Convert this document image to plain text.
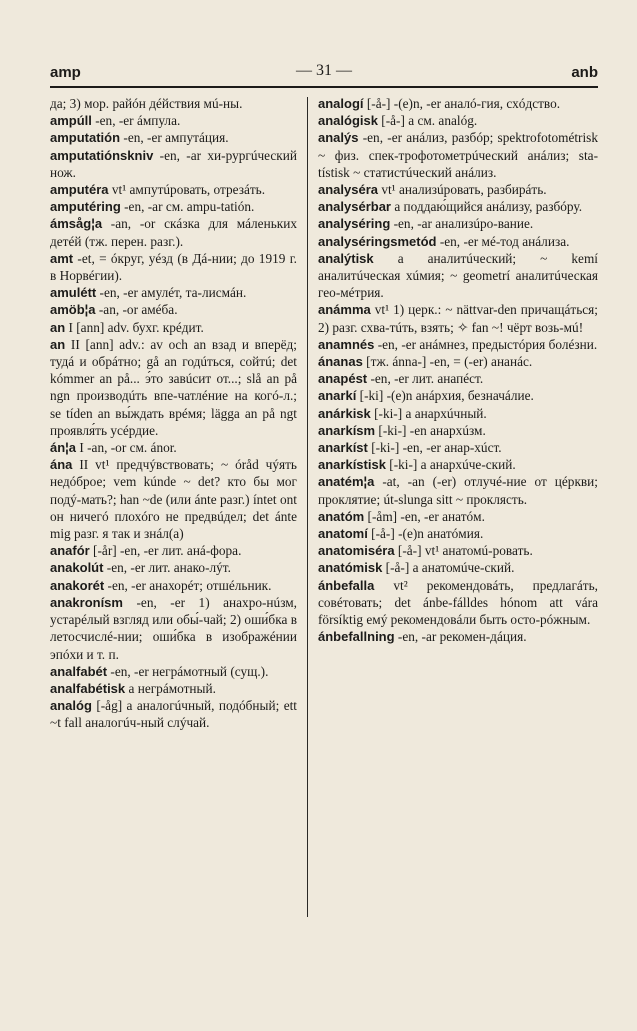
amp	— 31 —	anb

да; 3) мор. райóн дéйствия мú-ны.

ampúll -en, -er áмпула.

amputatión -en, -er ампутáция.

amputatiónskniv -en, -ar хи-рургúческий нож.

amputéra vt¹ ампутúровать, отрезáть.

amputéring -en, -ar см. ampu-tatión.

ámsåg¦a -an, -or скáзка для мáленьких детéй (тж. перен. разг.).

amt -et, = óкруг, уéзд (в Дá-нии; до 1919 г. в Норвéгии).

amulétt -en, -er амулéт, та-лисмáн.

amöb¦a -an, -or амéба.

an I [ann] adv. бухг. крéдит.

an II [ann] adv.: av och an взад и вперёд; тудá и обрáтно; gå an годúться, сойтú; det kómmer an på... э́то завúсит от...; slå an på ngn производúть впе-чатлéние на когó-л.; se tíden an вы́ждать врéмя; lägga an på ngt проявля́ть усéрдие.

án¦a I -an, -or см. ánor.

ána II vt¹ предчýвствовать; ~ óråd чýять недóброе; vem kúnde ~ det? кто бы мог подý-мать?; han ~de (или ánte разг.) íntet ont он ничегó плохóго не предвúдел; det ánte mig разг. я так и знáл(а)

anafór [-år] -en, -er лит. анá-фора.

anakolút -en, -er лит. анако-лýт.

anakorét -en, -er анахорéт; отшéльник.

anakronísm -en, -er 1) анахро-нúзм, устарéлый взгляд или обы́-чай; 2) оши́бка в летосчислé-нии; оши́бка в изображéнии эпóхи и т. п.

analfabét -en, -er негрáмотный (сущ.).

analfabétisk a негрáмотный.

analóg [-åg] a аналогúчный, подóбный; ett ~t fall аналогúч-ный слýчай.

analogí [-å-] -(e)n, -er аналó-гия, схóдство.

analógisk [-å-] a см. analóg.

analýs -en, -er анáлиз, разбóр; spektrofotométrisk ~ физ. спек-трофотометрúческий анáлиз; sta-tístisk ~ статистúческий анáлиз.

analyséra vt¹ анализúровать, разбирáть.

analysérbar a поддаю́щийся анáлизу, разбóру.

analyséring -en, -ar анализúро-вание.

analyséringsmetód -en, -er мé-тод анáлиза.

analýtisk a аналитúческий; ~ kemí аналитúческая хúмия; ~ geometrí аналитúческая гео-мéтрия.

anámma vt¹ 1) церк.: ~ nättvar-den причащáться; 2) разг. схва-тúть, взять; ✧ fan ~! чёрт возь-мú!

anamnés -en, -er анáмнез, предыстóрия болéзни.

ánanas [тж. ánna-] -en, = (-er) ананáс.

anapést -en, -er лит. анапéст.

anarkí [-ki] -(e)n анáрхия, безначáлие.

anárkisk [-ki-] a анархúчный.

anarkísm [-ki-] -en анархúзм.

anarkíst [-ki-] -en, -er анар-хúст.

anarkístisk [-ki-] a анархúче-ский.

anatém¦a -at, -an (-er) отлучé-ние от цéркви; проклятие; út-slunga sitt ~ проклясть.

anatóm [-åm] -en, -er анатóм.

anatomí [-å-] -(e)n анатóмия.

anatomiséra [-å-] vt¹ анатомú-ровать.

anatómisk [-å-] a анатомúче-ский.

ánbefalla vt² рекомендовáть, предлагáть, совéтовать; det ánbe-fálldes hónom att vára försíktig емý рекомендовáли быть осто-рóжным.

ánbefallning -en, -ar рекомен-дáция.
